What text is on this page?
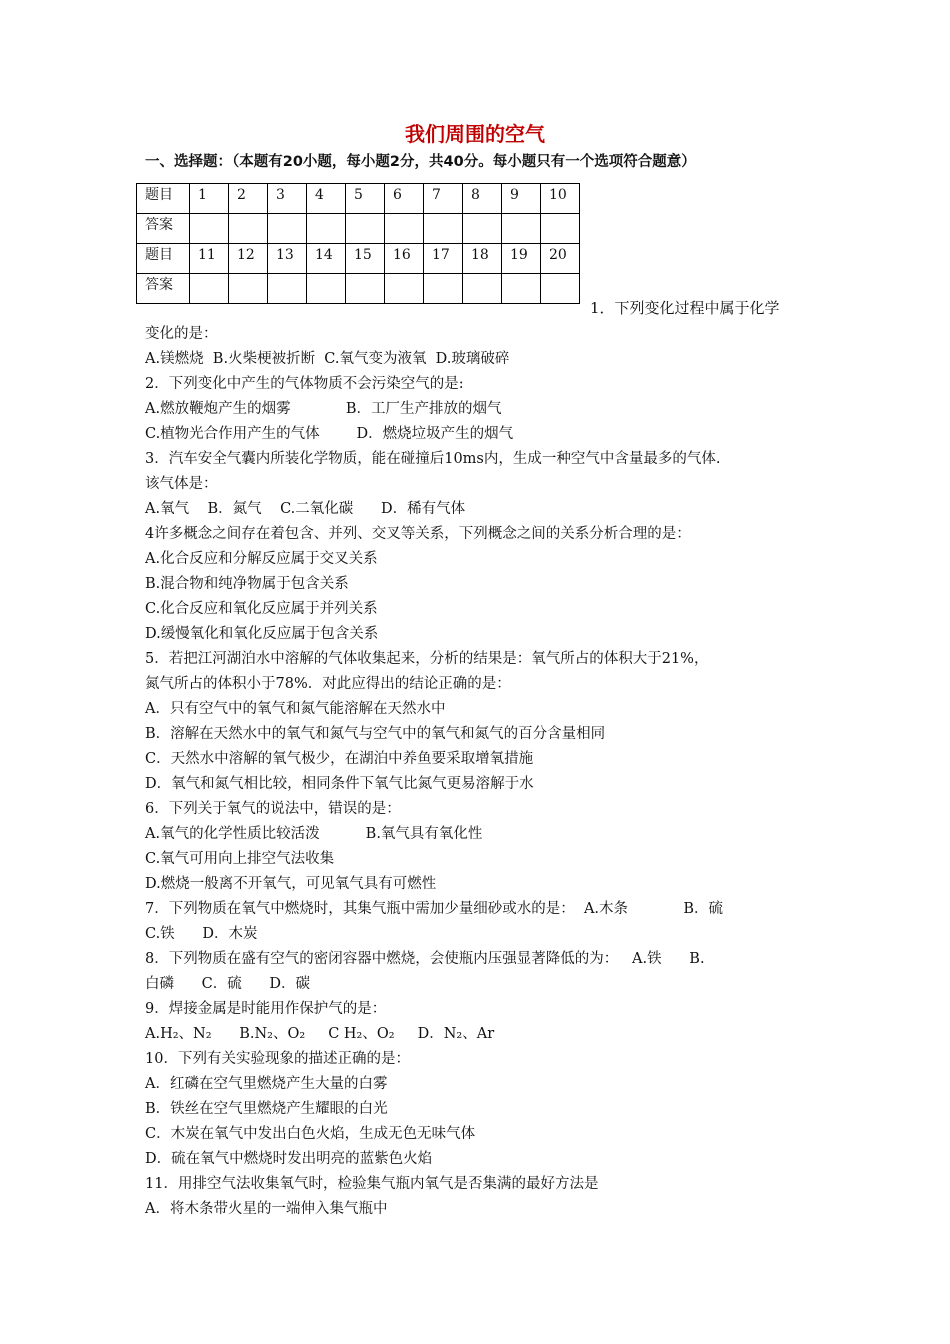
我们周围的空气
一、选择题：（本题有20小题，每小题2分，共40分。每小题只有一个选项符合题意）
题目	1	2	3	4	5	6	7	8	9	10
答案										
题目	11	12	13	14	15	16	17	18	19	20
答案										
1．下列变化过程中属于化学
变化的是：
A.镁燃烧  B.火柴梗被折断  C.氧气变为液氧  D.玻璃破碎
2．下列变化中产生的气体物质不会污染空气的是:
A.燃放鞭炮产生的烟雾            B．工厂生产排放的烟气
C.植物光合作用产生的气体        D．燃烧垃圾产生的烟气
3．汽车安全气囊内所装化学物质，能在碰撞后10ms内，生成一种空气中含量最多的气体.
该气体是：
A.氧气    B．氮气    C.二氧化碳      D．稀有气体
4许多概念之间存在着包含、并列、交叉等关系，下列概念之间的关系分析合理的是：
A.化合反应和分解反应属于交叉关系
B.混合物和纯净物属于包含关系
C.化合反应和氧化反应属于并列关系
D.缓慢氧化和氧化反应属于包含关系
5．若把江河湖泊水中溶解的气体收集起来，分析的结果是：氧气所占的体积大于21%，
氮气所占的体积小于78%．对此应得出的结论正确的是：
A．只有空气中的氧气和氮气能溶解在天然水中
B．溶解在天然水中的氧气和氮气与空气中的氧气和氮气的百分含量相同
C．天然水中溶解的氧气极少，在湖泊中养鱼要采取增氧措施
D．氧气和氮气相比较，相同条件下氧气比氮气更易溶解于水
6．下列关于氧气的说法中，错误的是：
A.氧气的化学性质比较活泼          B.氧气具有氧化性
C.氧气可用向上排空气法收集
D.燃烧一般离不开氧气，可见氧气具有可燃性
7．下列物质在氧气中燃烧时，其集气瓶中需加少量细砂或水的是：  A.木条            B．硫
C.铁      D．木炭
8．下列物质在盛有空气的密闭容器中燃烧，会使瓶内压强显著降低的为：   A.铁      B.
白磷      C．硫      D．碳
9．焊接金属是时能用作保护气的是：
A.H₂、N₂      B.N₂、O₂     C H₂、O₂     D．N₂、Ar
10．下列有关实验现象的描述正确的是：
A．红磷在空气里燃烧产生大量的白雾
B．铁丝在空气里燃烧产生耀眼的白光
C．木炭在氧气中发出白色火焰，生成无色无味气体
D．硫在氧气中燃烧时发出明亮的蓝紫色火焰
11．用排空气法收集氧气时，检验集气瓶内氧气是否集满的最好方法是
A．将木条带火星的一端伸入集气瓶中
